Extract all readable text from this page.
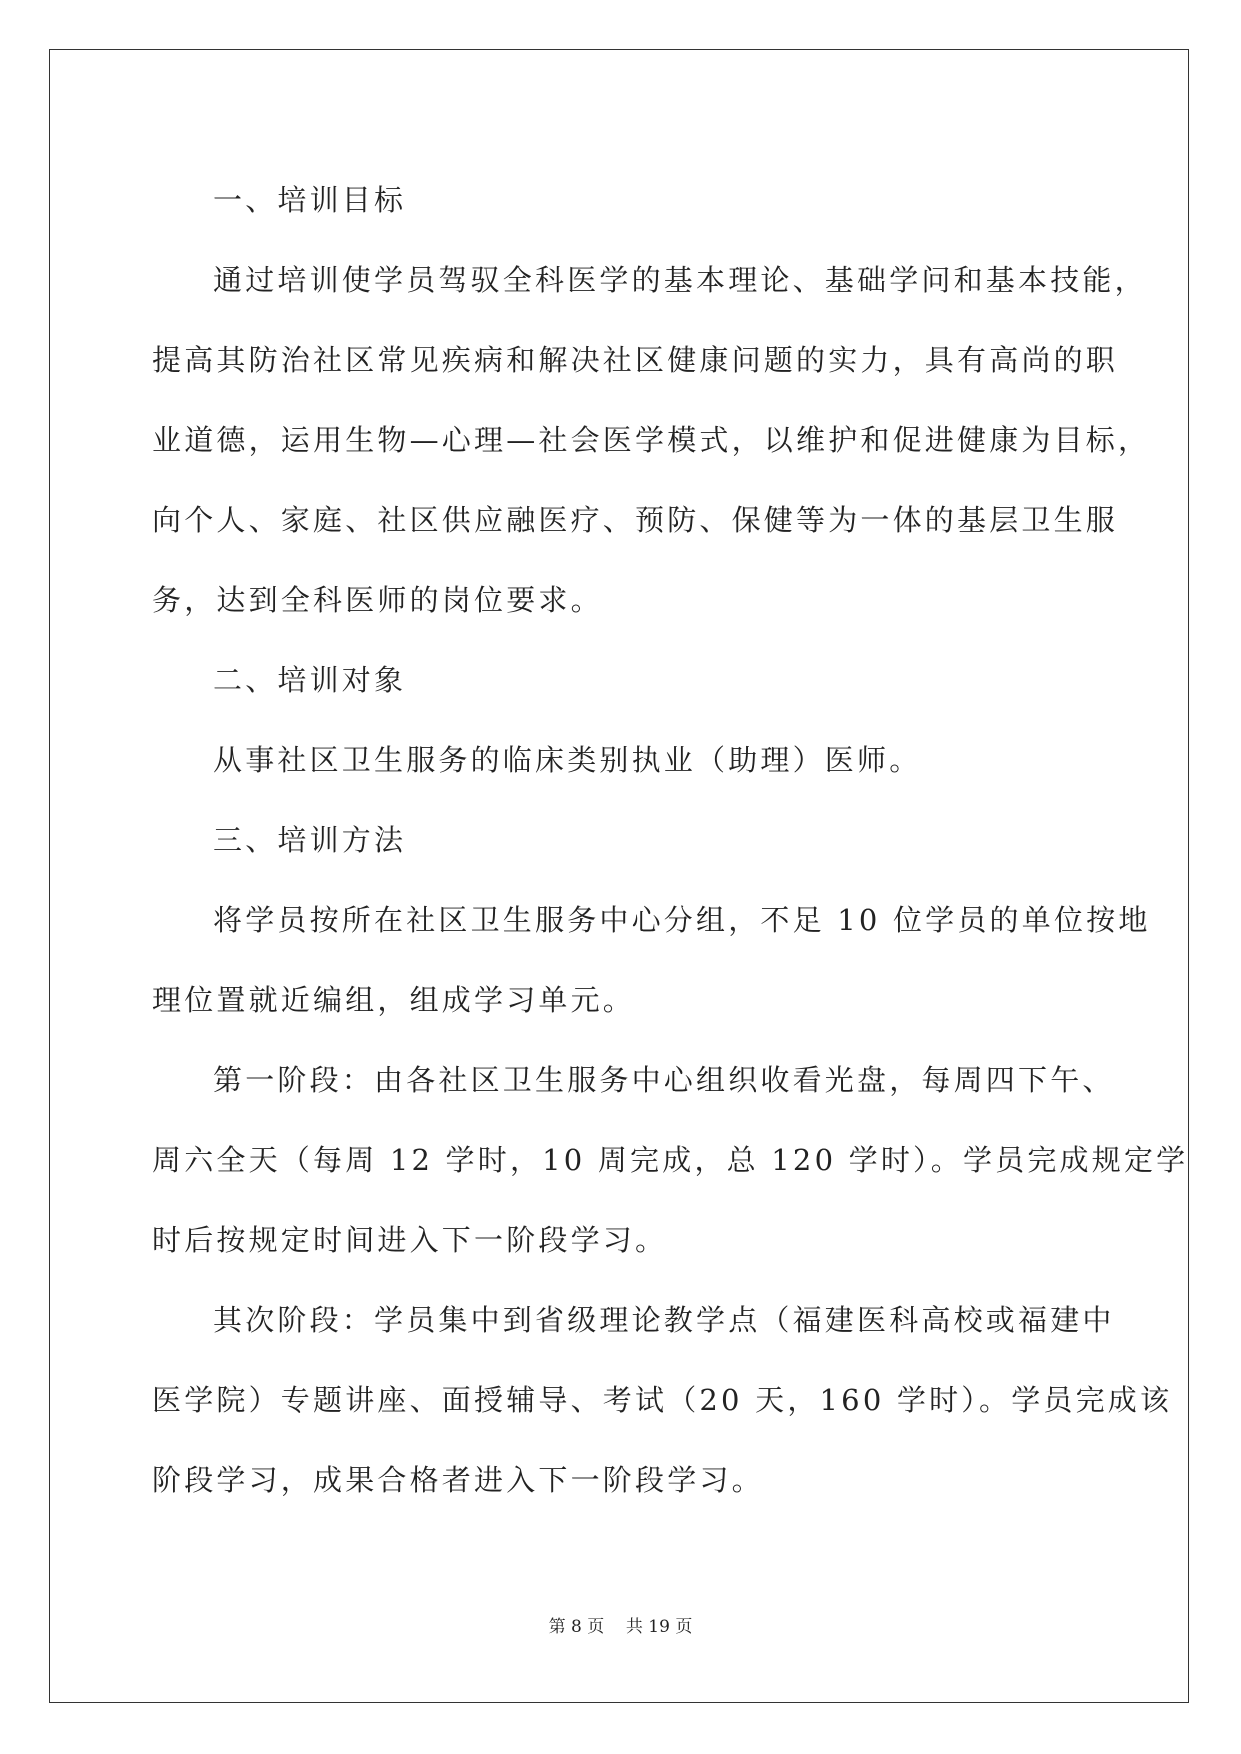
一、培训目标
通过培训使学员驾驭全科医学的基本理论、基础学问和基本技能，
提高其防治社区常见疾病和解决社区健康问题的实力，具有高尚的职
业道德，运用生物—心理—社会医学模式，以维护和促进健康为目标，
向个人、家庭、社区供应融医疗、预防、保健等为一体的基层卫生服
务，达到全科医师的岗位要求。
二、培训对象
从事社区卫生服务的临床类别执业（助理）医师。
三、培训方法
将学员按所在社区卫生服务中心分组，不足 10 位学员的单位按地
理位置就近编组，组成学习单元。
第一阶段：由各社区卫生服务中心组织收看光盘，每周四下午、
周六全天（每周 12 学时，10 周完成，总 120 学时）。学员完成规定学
时后按规定时间进入下一阶段学习。
其次阶段：学员集中到省级理论教学点（福建医科高校或福建中
医学院）专题讲座、面授辅导、考试（20 天，160 学时）。学员完成该
阶段学习，成果合格者进入下一阶段学习。
第 8 页 共 19 页
